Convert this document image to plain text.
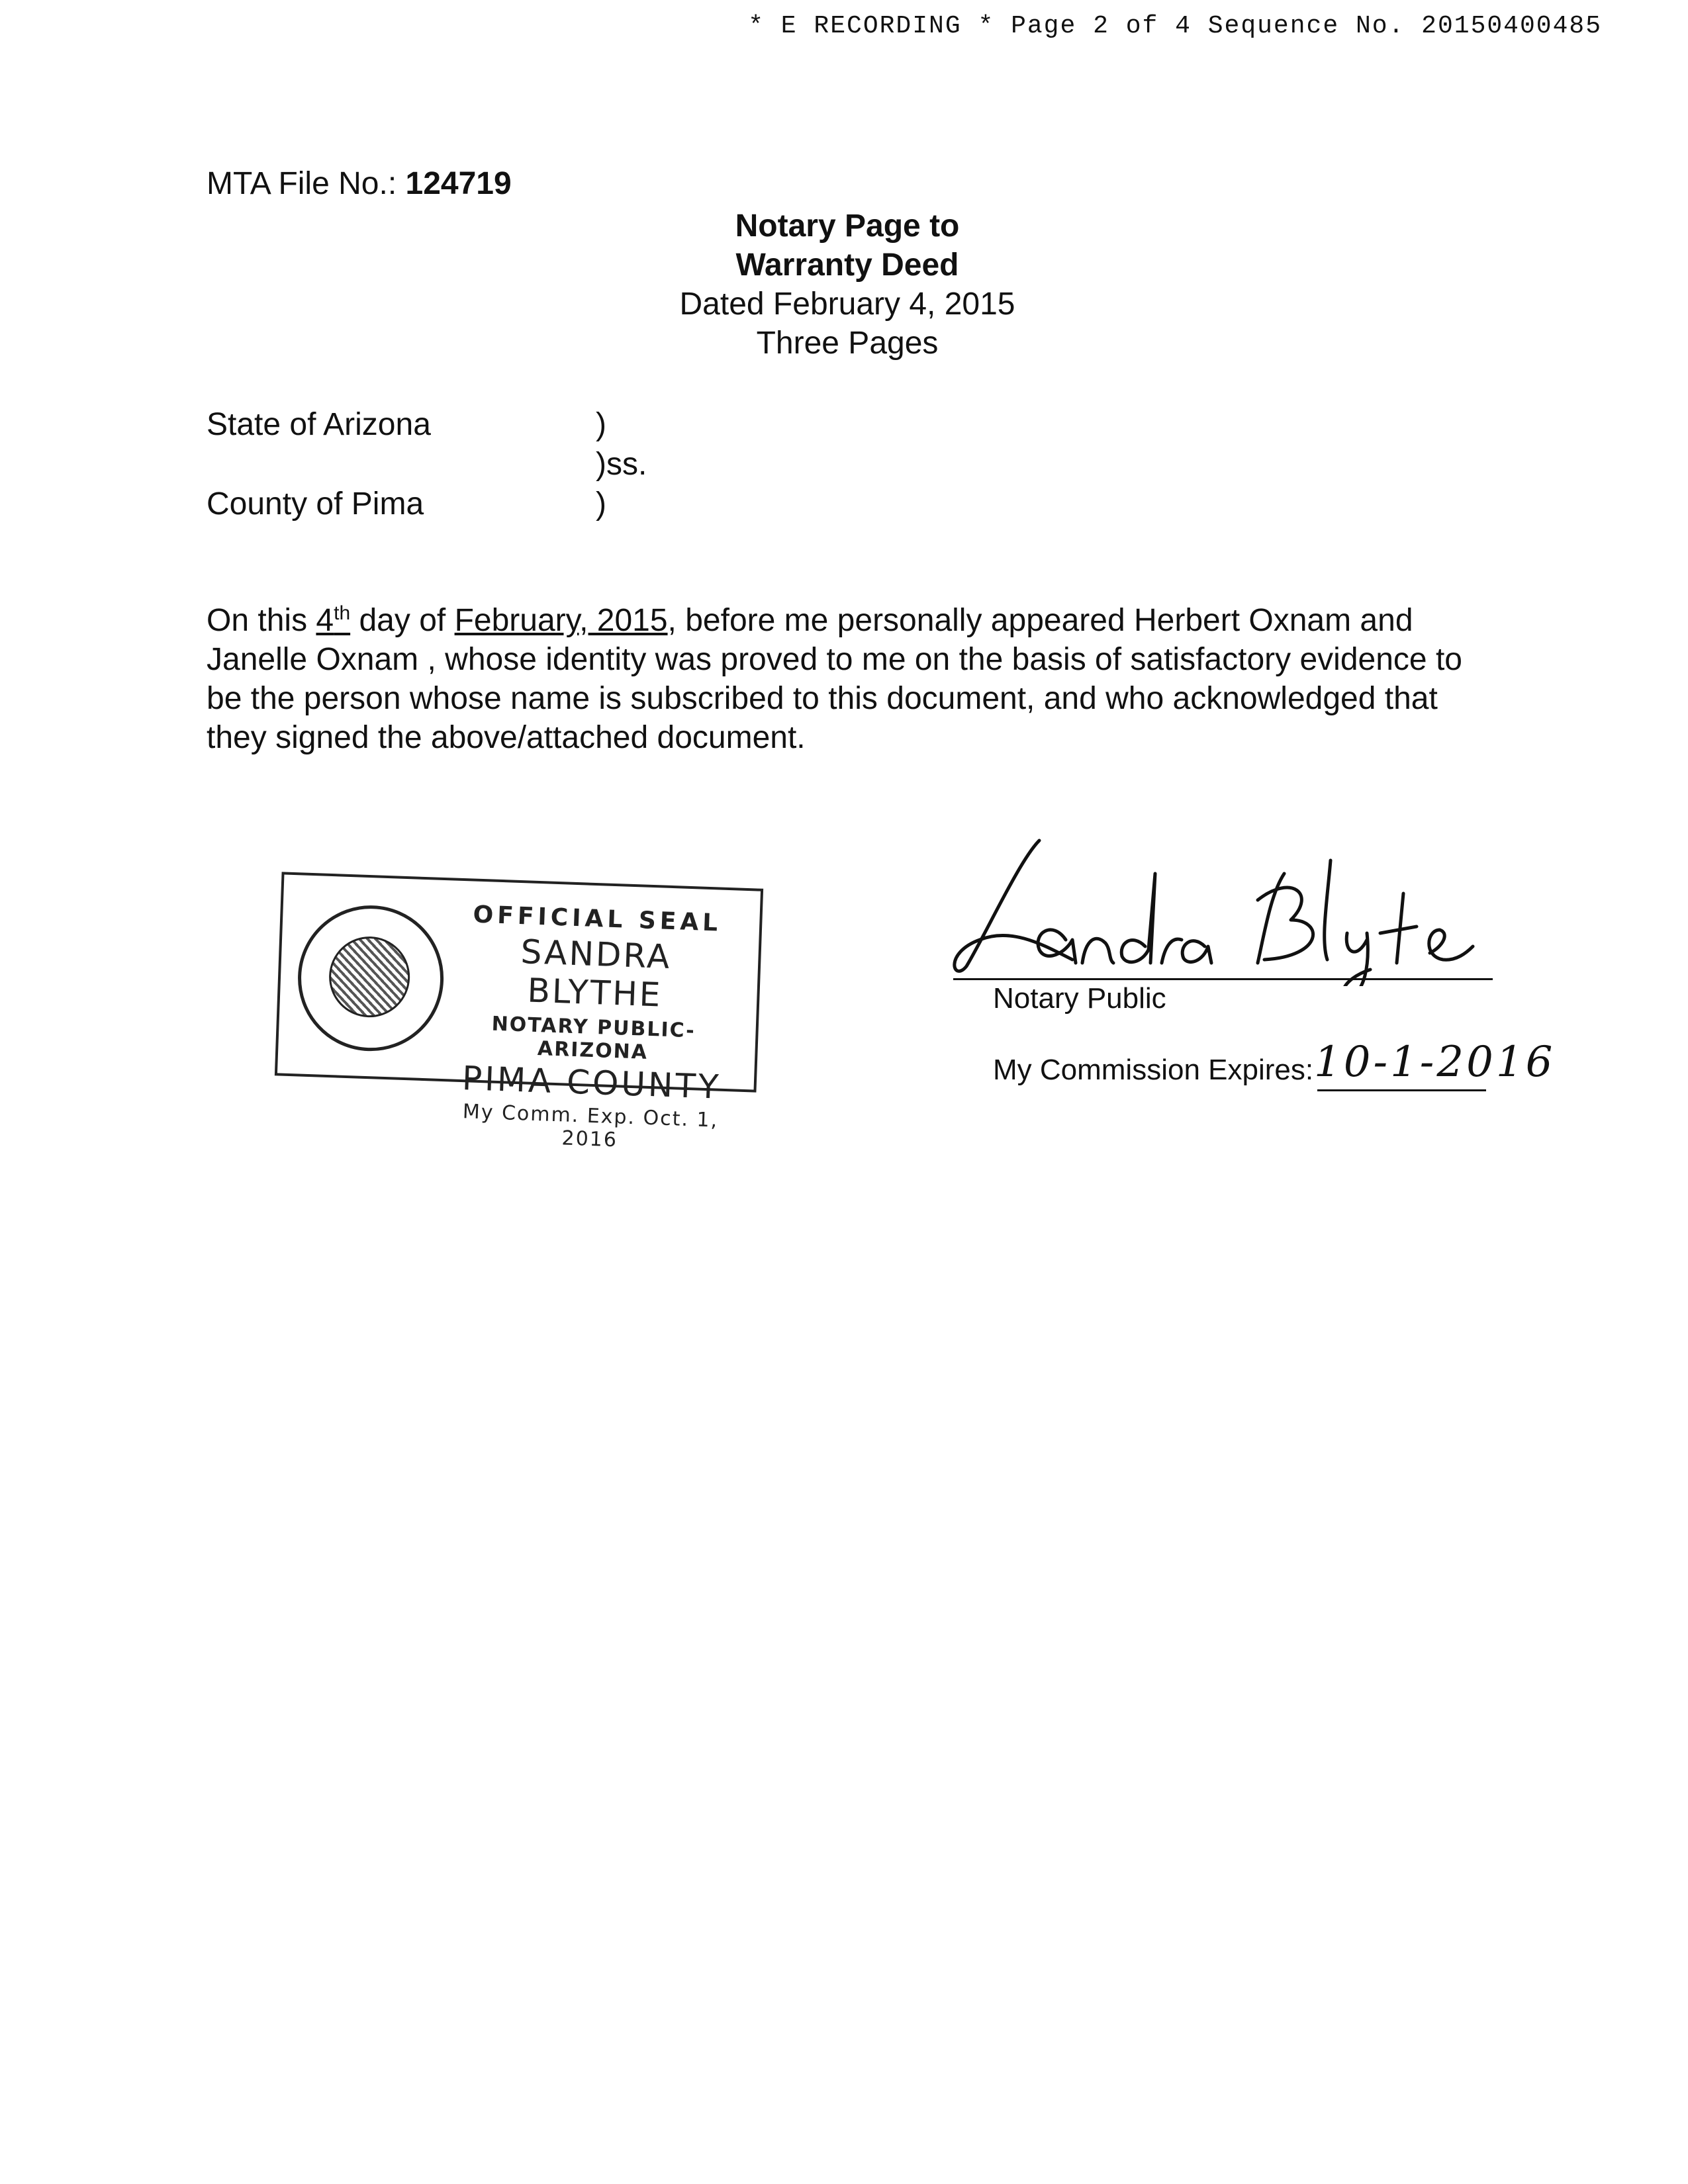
* E RECORDING * Page 2 of 4 Sequence No. 20150400485
MTA File No.: 124719
Notary Page to
Warranty Deed
Dated February 4, 2015
Three Pages
State of Arizona	)
)ss.
County of Pima	)
On this 4th day of February, 2015, before me personally appeared Herbert Oxnam and Janelle Oxnam , whose identity was proved to me on the basis of satisfactory evidence to be the person whose name is subscribed to this document, and who acknowledged that they signed the above/attached document.
OFFICIAL SEAL
SANDRA BLYTHE
NOTARY PUBLIC-ARIZONA
PIMA COUNTY
My Comm. Exp. Oct. 1, 2016
Notary Public
My Commission Expires: 10-1-2016
